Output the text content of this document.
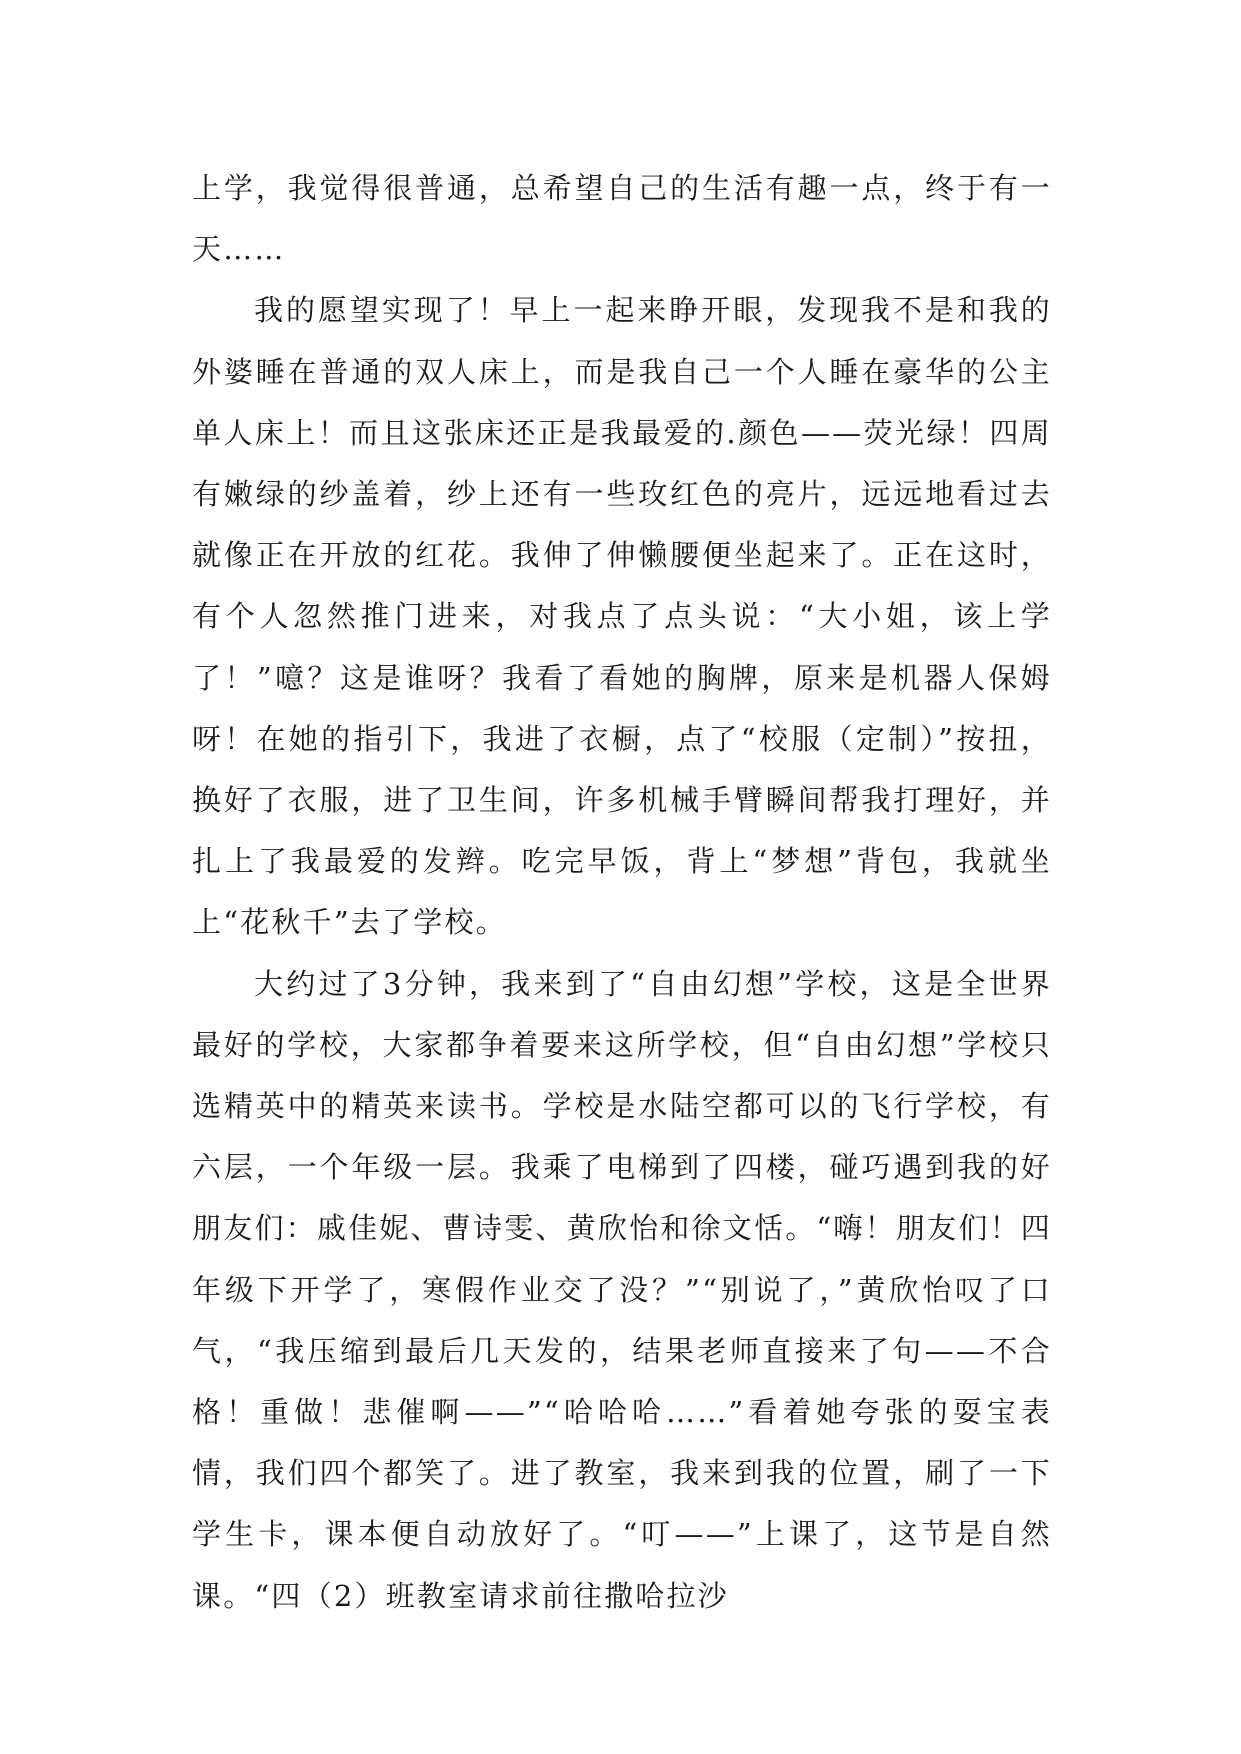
上学，我觉得很普通，总希望自己的生活有趣一点，终于有一天……

我的愿望实现了！早上一起来睁开眼，发现我不是和我的外婆睡在普通的双人床上，而是我自己一个人睡在豪华的公主单人床上！而且这张床还正是我最爱的.颜色——荧光绿！四周有嫩绿的纱盖着，纱上还有一些玫红色的亮片，远远地看过去就像正在开放的红花。我伸了伸懒腰便坐起来了。正在这时，有个人忽然推门进来，对我点了点头说：“大小姐，该上学了！”噫？这是谁呀？我看了看她的胸牌，原来是机器人保姆呀！在她的指引下，我进了衣橱，点了“校服（定制）”按扭，换好了衣服，进了卫生间，许多机械手臂瞬间帮我打理好，并扎上了我最爱的发辫。吃完早饭，背上“梦想”背包，我就坐上“花秋千”去了学校。

大约过了3分钟，我来到了“自由幻想”学校，这是全世界最好的学校，大家都争着要来这所学校，但“自由幻想”学校只选精英中的精英来读书。学校是水陆空都可以的飞行学校，有六层，一个年级一层。我乘了电梯到了四楼，碰巧遇到我的好朋友们：戚佳妮、曹诗雯、黄欣怡和徐文恬。“嗨！朋友们！四年级下开学了，寒假作业交了没？”“别说了，”黄欣怡叹了口气，“我压缩到最后几天发的，结果老师直接来了句——不合格！重做！悲催啊——”“哈哈哈……”看着她夸张的耍宝表情，我们四个都笑了。进了教室，我来到我的位置，刷了一下学生卡，课本便自动放好了。“叮——”上课了，这节是自然课。“四（2）班教室请求前往撒哈拉沙
